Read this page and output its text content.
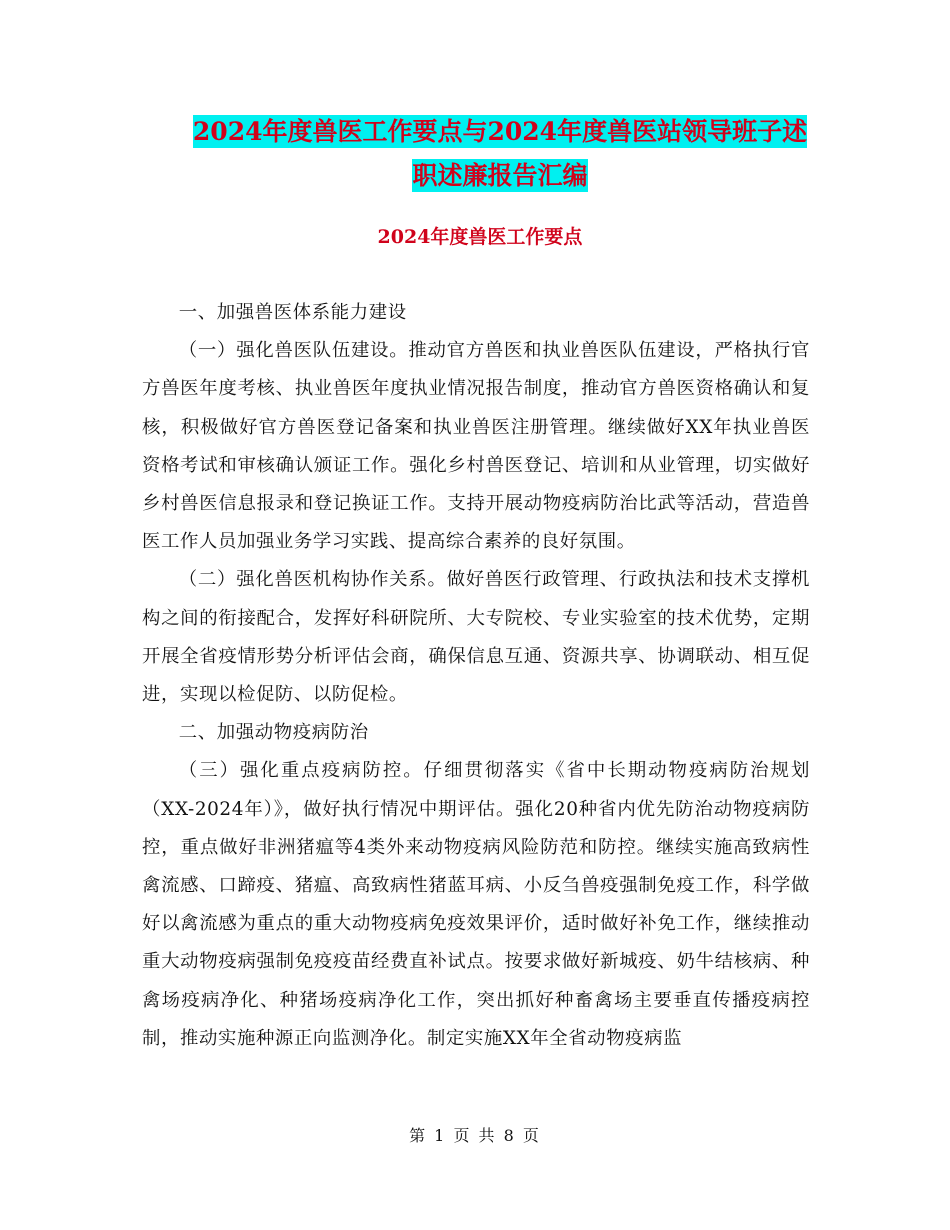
2024年度兽医工作要点与2024年度兽医站领导班子述
职述廉报告汇编
2024年度兽医工作要点

一、加强兽医体系能力建设

（一）强化兽医队伍建设。推动官方兽医和执业兽医队伍建设，严格执行官方兽医年度考核、执业兽医年度执业情况报告制度，推动官方兽医资格确认和复核，积极做好官方兽医登记备案和执业兽医注册管理。继续做好XX年执业兽医资格考试和审核确认颁证工作。强化乡村兽医登记、培训和从业管理，切实做好乡村兽医信息报录和登记换证工作。支持开展动物疫病防治比武等活动，营造兽医工作人员加强业务学习实践、提高综合素养的良好氛围。

（二）强化兽医机构协作关系。做好兽医行政管理、行政执法和技术支撑机构之间的衔接配合，发挥好科研院所、大专院校、专业实验室的技术优势，定期开展全省疫情形势分析评估会商，确保信息互通、资源共享、协调联动、相互促进，实现以检促防、以防促检。

二、加强动物疫病防治

（三）强化重点疫病防控。仔细贯彻落实《省中长期动物疫病防治规划（XX-2024年）》，做好执行情况中期评估。强化20种省内优先防治动物疫病防控，重点做好非洲猪瘟等4类外来动物疫病风险防范和防控。继续实施高致病性禽流感、口蹄疫、猪瘟、高致病性猪蓝耳病、小反刍兽疫强制免疫工作，科学做好以禽流感为重点的重大动物疫病免疫效果评价，适时做好补免工作，继续推动重大动物疫病强制免疫疫苗经费直补试点。按要求做好新城疫、奶牛结核病、种禽场疫病净化、种猪场疫病净化工作，突出抓好种畜禽场主要垂直传播疫病控制，推动实施种源正向监测净化。制定实施XX年全省动物疫病监

第 1 页 共 8 页
